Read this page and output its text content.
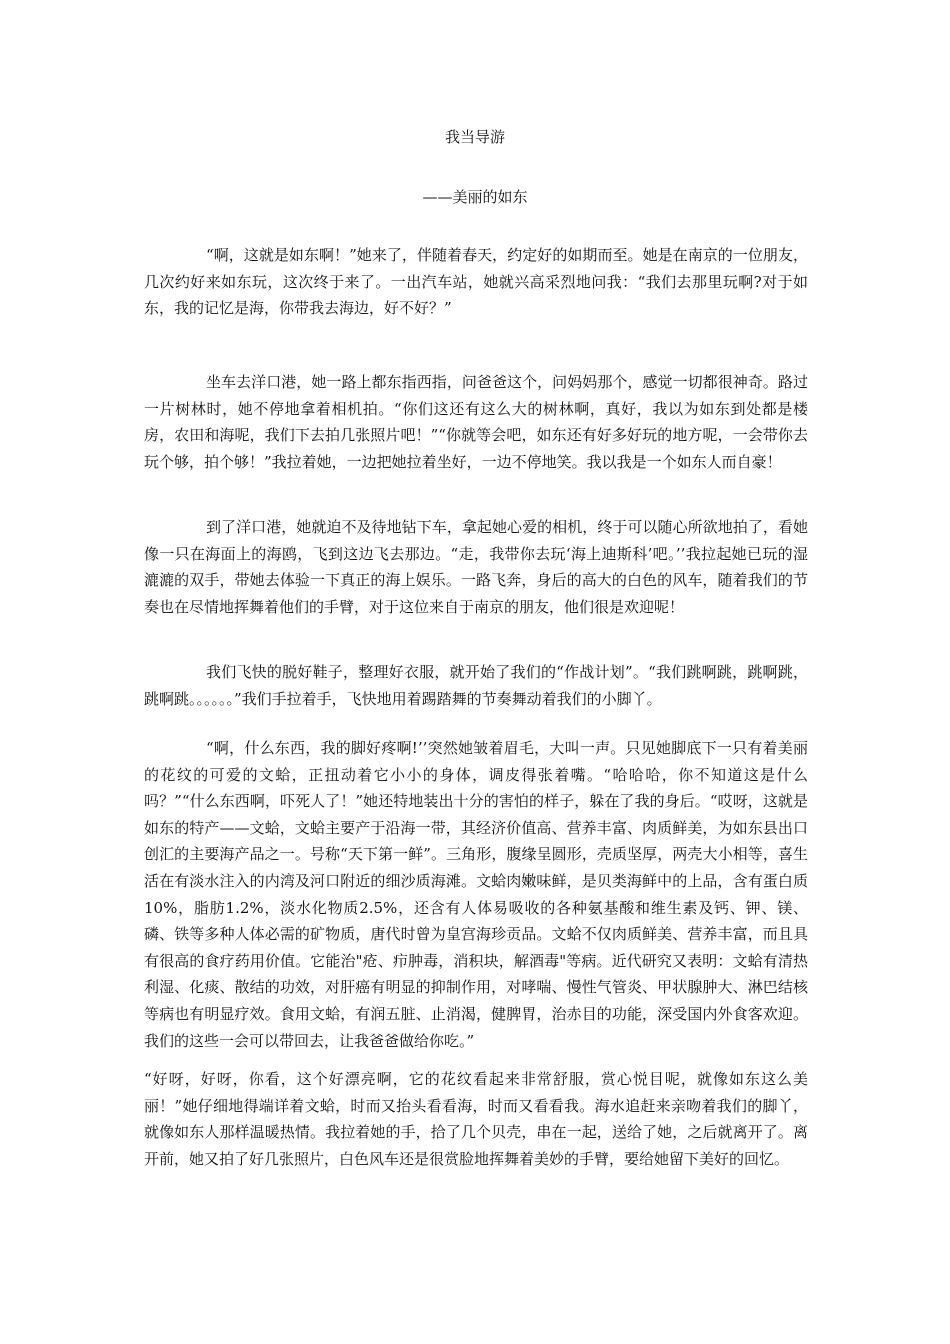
我当导游
——美丽的如东

“啊，这就是如东啊！”她来了，伴随着春天，约定好的如期而至。她是在南京的一位朋友，几次约好来如东玩，这次终于来了。一出汽车站，她就兴高采烈地问我：“我们去那里玩啊?对于如东，我的记忆是海，你带我去海边，好不好？”

坐车去洋口港，她一路上都东指西指，问爸爸这个，问妈妈那个，感觉一切都很神奇。路过一片树林时，她不停地拿着相机拍。“你们这还有这么大的树林啊，真好，我以为如东到处都是楼房，农田和海呢，我们下去拍几张照片吧！”“你就等会吧，如东还有好多好玩的地方呢，一会带你去玩个够，拍个够！”我拉着她，一边把她拉着坐好，一边不停地笑。我以我是一个如东人而自豪！

到了洋口港，她就迫不及待地钻下车，拿起她心爱的相机，终于可以随心所欲地拍了，看她像一只在海面上的海鸥，飞到这边飞去那边。“走，我带你去玩‘海上迪斯科’吧。’’我拉起她已玩的湿漉漉的双手，带她去体验一下真正的海上娱乐。一路飞奔，身后的高大的白色的风车，随着我们的节奏也在尽情地挥舞着他们的手臂，对于这位来自于南京的朋友，他们很是欢迎呢！

我们飞快的脱好鞋子，整理好衣服，就开始了我们的“作战计划”。“我们跳啊跳，跳啊跳，跳啊跳。。。。。。”我们手拉着手，飞快地用着踢踏舞的节奏舞动着我们的小脚丫。

“啊，什么东西，我的脚好疼啊!’’突然她皱着眉毛，大叫一声。只见她脚底下一只有着美丽的花纹的可爱的文蛤，正扭动着它小小的身体，调皮得张着嘴。“哈哈哈，你不知道这是什么吗？”“什么东西啊，吓死人了！”她还特地装出十分的害怕的样子，躲在了我的身后。“哎呀，这就是如东的特产——文蛤，文蛤主要产于沿海一带，其经济价值高、营养丰富、肉质鲜美，为如东县出口创汇的主要海产品之一。号称“天下第一鲜”。三角形，腹缘呈圆形，壳质坚厚，两壳大小相等，喜生活在有淡水注入的内湾及河口附近的细沙质海滩。文蛤肉嫩味鲜，是贝类海鲜中的上品，含有蛋白质10%，脂肪1.2%，淡水化物质2.5%，还含有人体易吸收的各种氨基酸和维生素及钙、钾、镁、磷、铁等多种人体必需的矿物质，唐代时曾为皇宫海珍贡品。文蛤不仅肉质鲜美、营养丰富，而且具有很高的食疗药用价值。它能治"疮、疖肿毒，消积块，解酒毒"等病。近代研究又表明：文蛤有清热利湿、化痰、散结的功效，对肝癌有明显的抑制作用，对哮喘、慢性气管炎、甲状腺肿大、淋巴结核等病也有明显疗效。食用文蛤，有润五脏、止消渴，健脾胃，治赤目的功能，深受国内外食客欢迎。我们的这些一会可以带回去，让我爸爸做给你吃。”

“好呀，好呀，你看，这个好漂亮啊，它的花纹看起来非常舒服，赏心悦目呢，就像如东这么美丽！”她仔细地得端详着文蛤，时而又抬头看看海，时而又看看我。海水追赶来亲吻着我们的脚丫，就像如东人那样温暖热情。我拉着她的手，拾了几个贝壳，串在一起，送给了她，之后就离开了。离开前，她又拍了好几张照片，白色风车还是很赏脸地挥舞着美妙的手臂，要给她留下美好的回忆。
